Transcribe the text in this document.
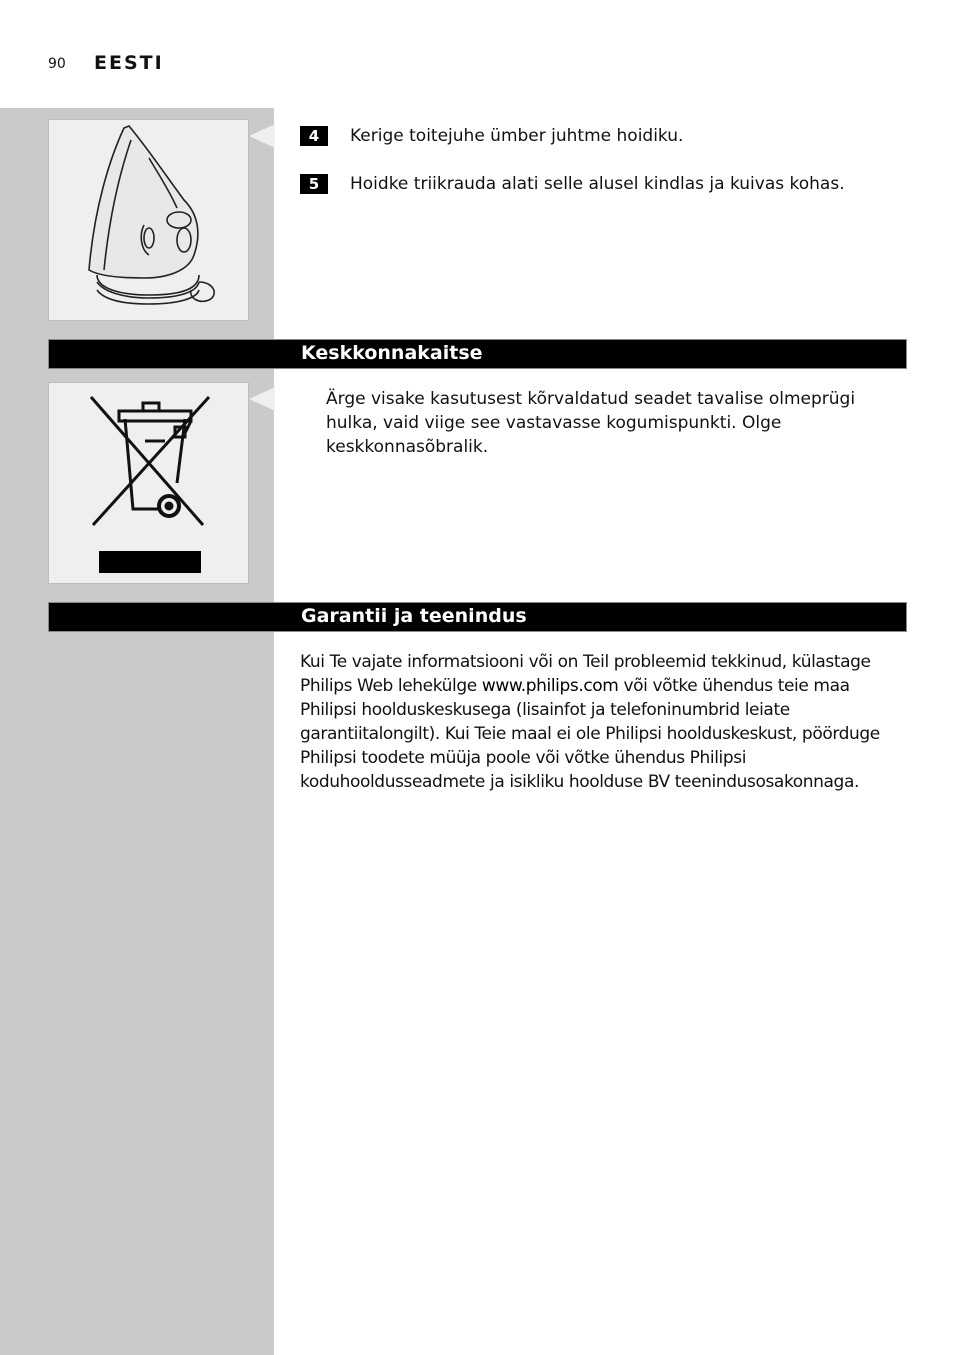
90 EESTI
4	Kerige toitejuhe ümber juhtme hoidiku.
5	Hoidke triikrauda alati selle alusel kindlas ja kuivas kohas.
Keskkonnakaitse
Ärge visake kasutusest kõrvaldatud seadet tavalise olmeprügi hulka, vaid viige see vastavasse kogumispunkti. Olge keskkonnasõbralik.
Garantii ja teenindus
Kui Te vajate informatsiooni või on Teil probleemid tekkinud, külastage Philips Web lehekülge www.philips.com või võtke ühendus teie maa Philipsi hoolduskeskusega (lisainfot ja telefoninumbrid leiate garantiitalongilt). Kui Teie maal ei ole Philipsi hoolduskeskust, pöörduge Philipsi toodete müüja poole või võtke ühendus Philipsi koduhooldusseadmete ja isikliku hoolduse BV teenindusosakonnaga.
